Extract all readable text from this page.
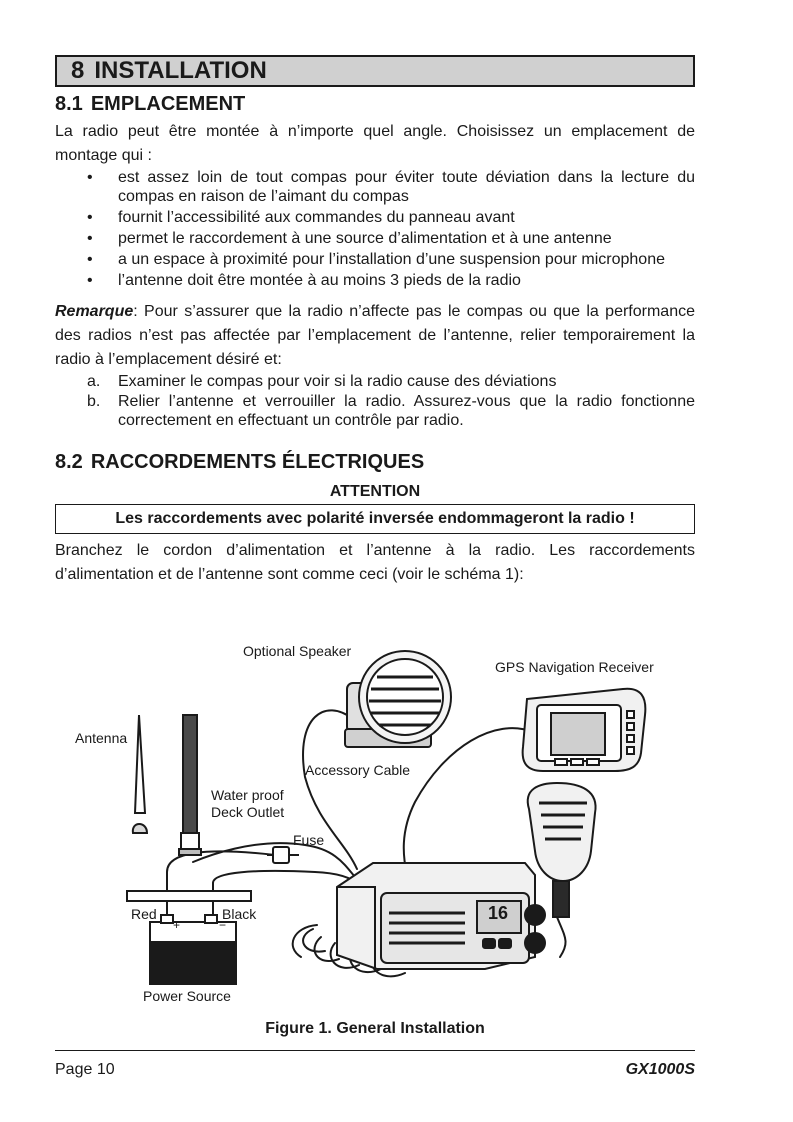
8 INSTALLATION
8.1 EMPLACEMENT

La radio peut être montée à n’importe quel angle. Choisissez un emplacement de montage qui :

• est assez loin de tout compas pour éviter toute déviation dans la lecture du compas en raison de l’aimant du compas
• fournit l’accessibilité aux commandes du panneau avant
• permet le raccordement à une source d’alimentation et à une antenne
• a un espace à proximité pour l’installation d’une suspension pour microphone
• l’antenne doit être montée à au moins 3 pieds de la radio

Remarque: Pour s’assurer que la radio n’affecte pas le compas ou que la performance des radios n’est pas affectée par l’emplacement de l’antenne, relier temporairement la radio à l’emplacement désiré et:

a. Examiner le compas pour voir si la radio cause des déviations
b. Relier l’antenne et verrouiller la radio. Assurez-vous que la radio fonctionne correctement en effectuant un contrôle par radio.
8.2 RACCORDEMENTS ÉLECTRIQUES
ATTENTION
Les raccordements avec polarité inversée endommageront la radio !

Branchez le cordon d’alimentation et l’antenne à la radio. Les raccordements d’alimentation et de l’antenne sont comme ceci (voir le schéma 1):

Optional Speaker
GPS Navigation Receiver
Antenna
Accessory Cable
Water proof
Deck Outlet
Fuse
Red	Black
+	−
16
Power Source
Figure 1. General Installation
Page 10	GX1000S
